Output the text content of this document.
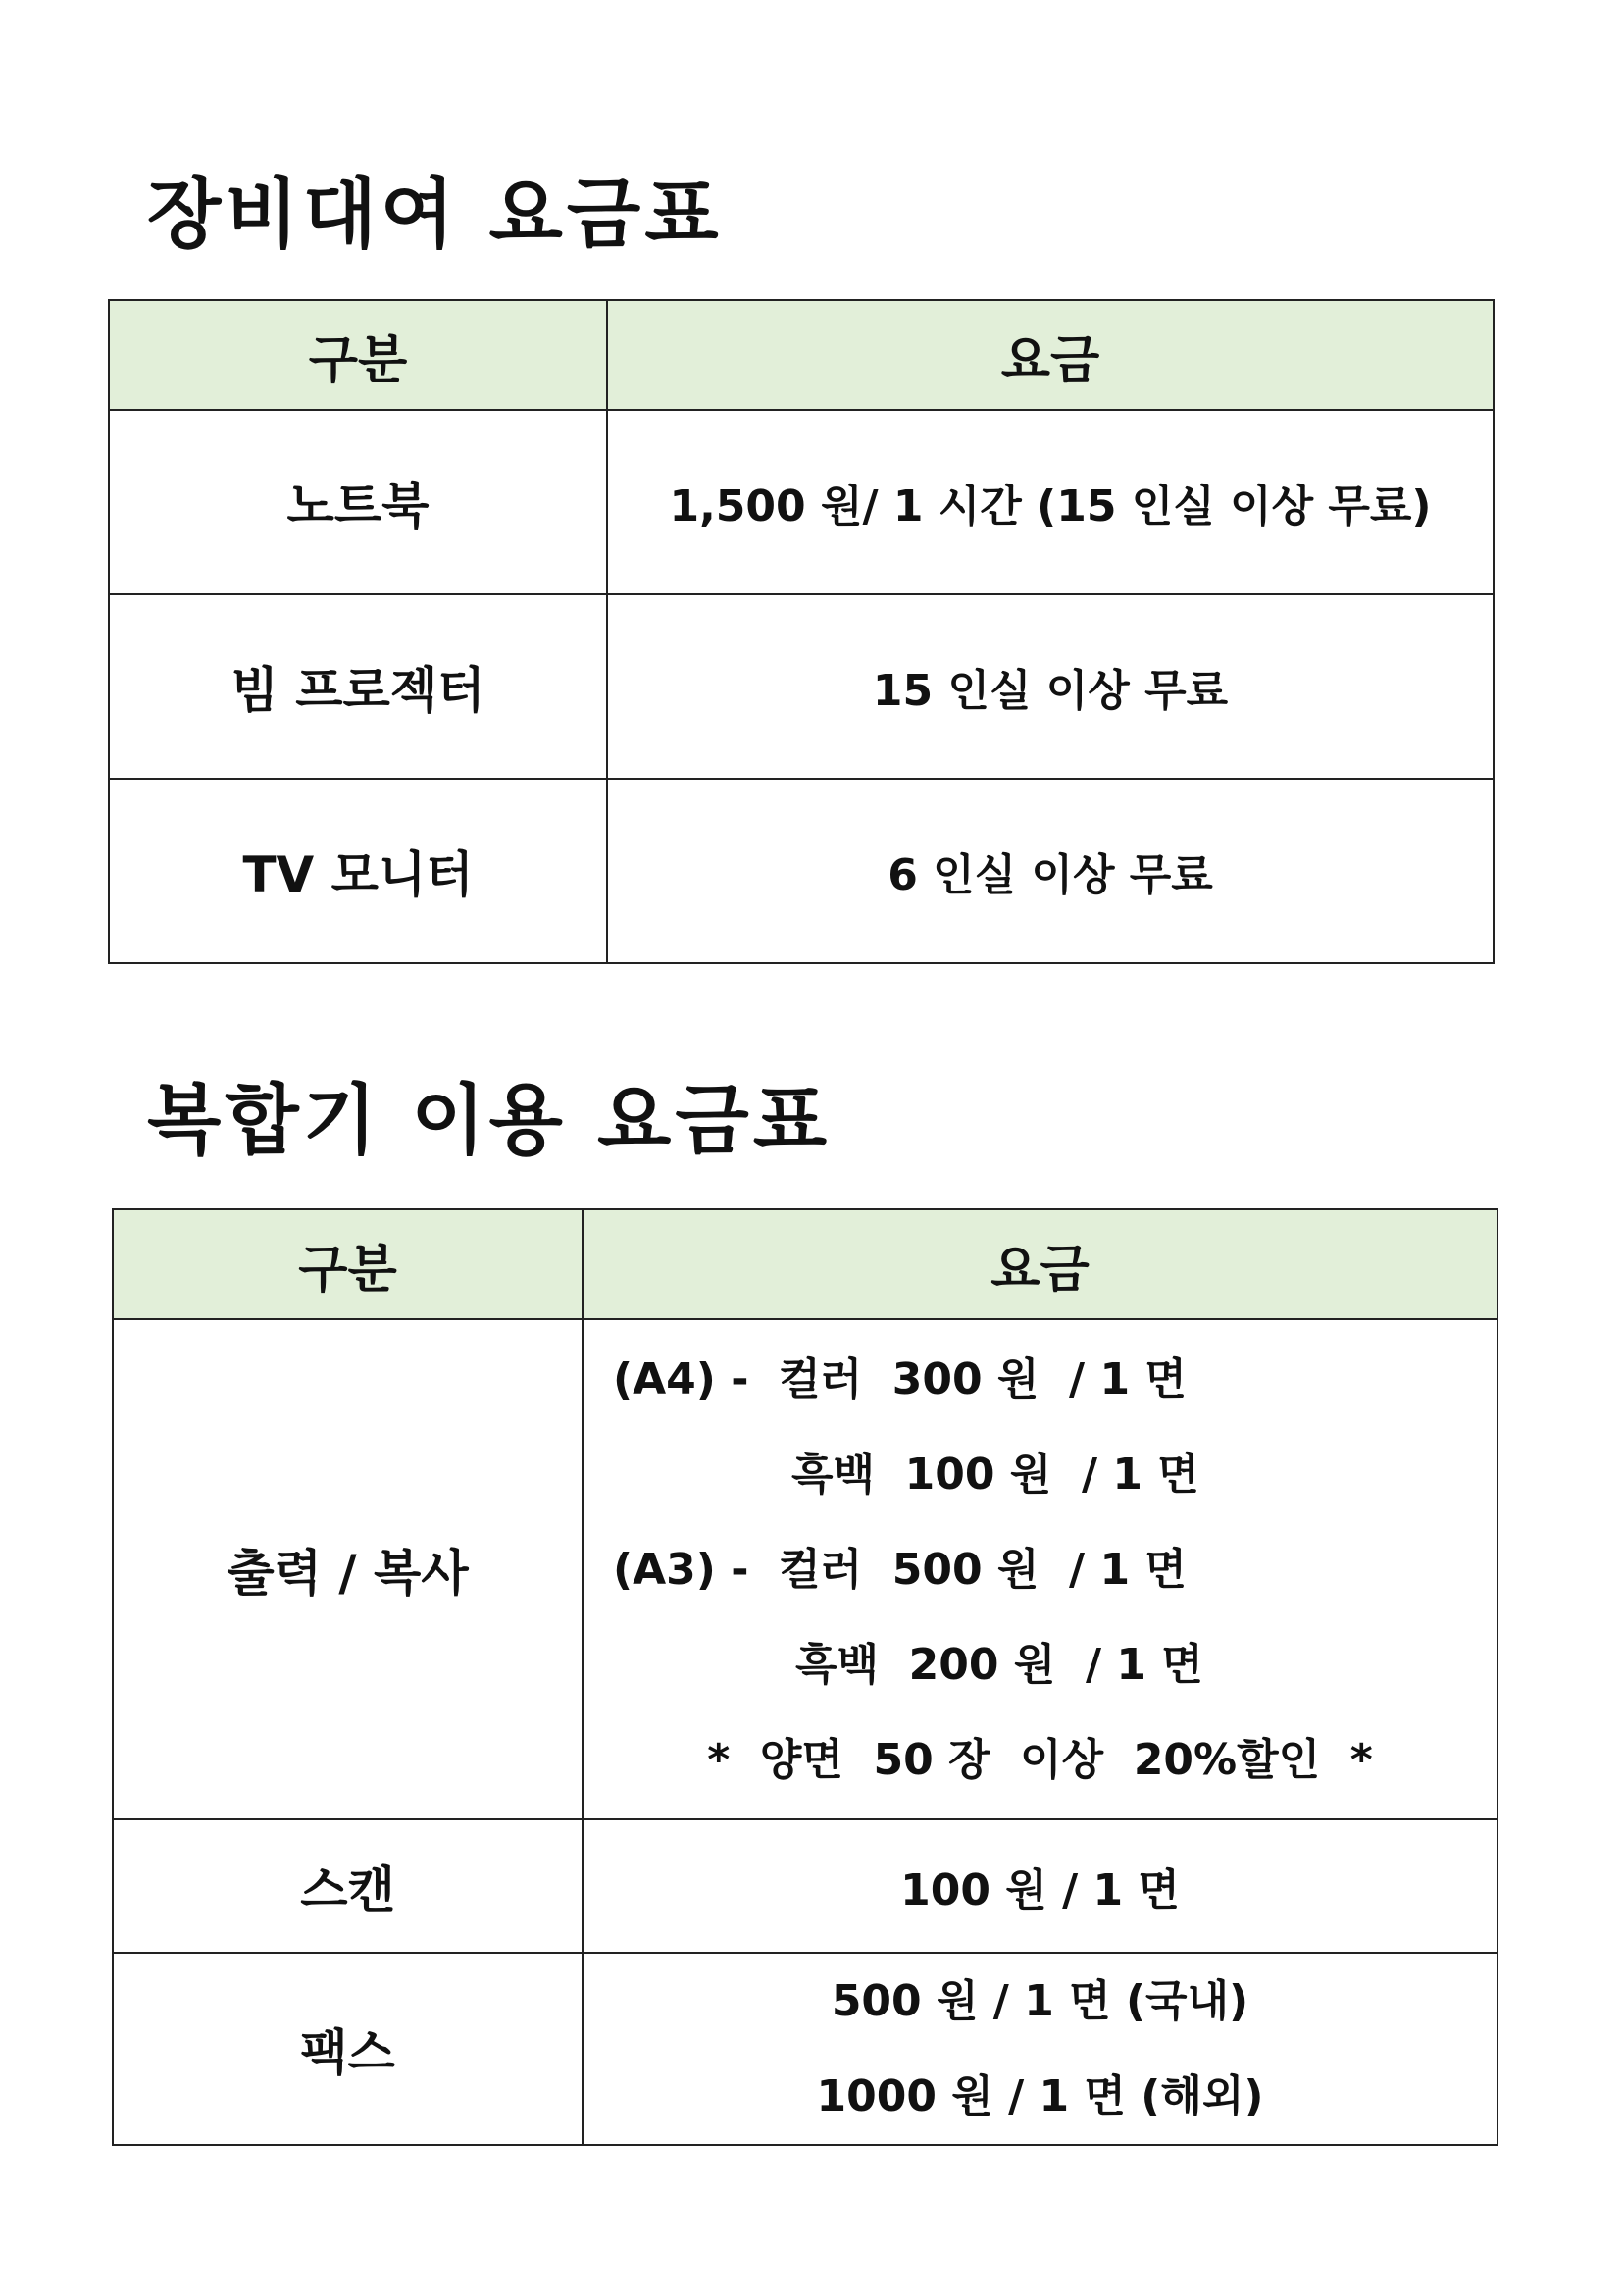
장비대여 요금표
구분	요금
노트북	1,500 원/ 1 시간 (15 인실 이상 무료)
빔 프로젝터	15 인실 이상 무료
TV 모니터	6 인실 이상 무료
복합기 이용 요금표
구분	요금
출력 / 복사	(A4) -  컬러  300 원  / 1 면
흑백  100 원  / 1 면
(A3) -  컬러  500 원  / 1 면
흑백  200 원  / 1 면
*  양면  50 장  이상  20%할인  *

스캔	100 원 / 1 면
팩스	500 원 / 1 면 (국내)
1000 원 / 1 면 (해외)
